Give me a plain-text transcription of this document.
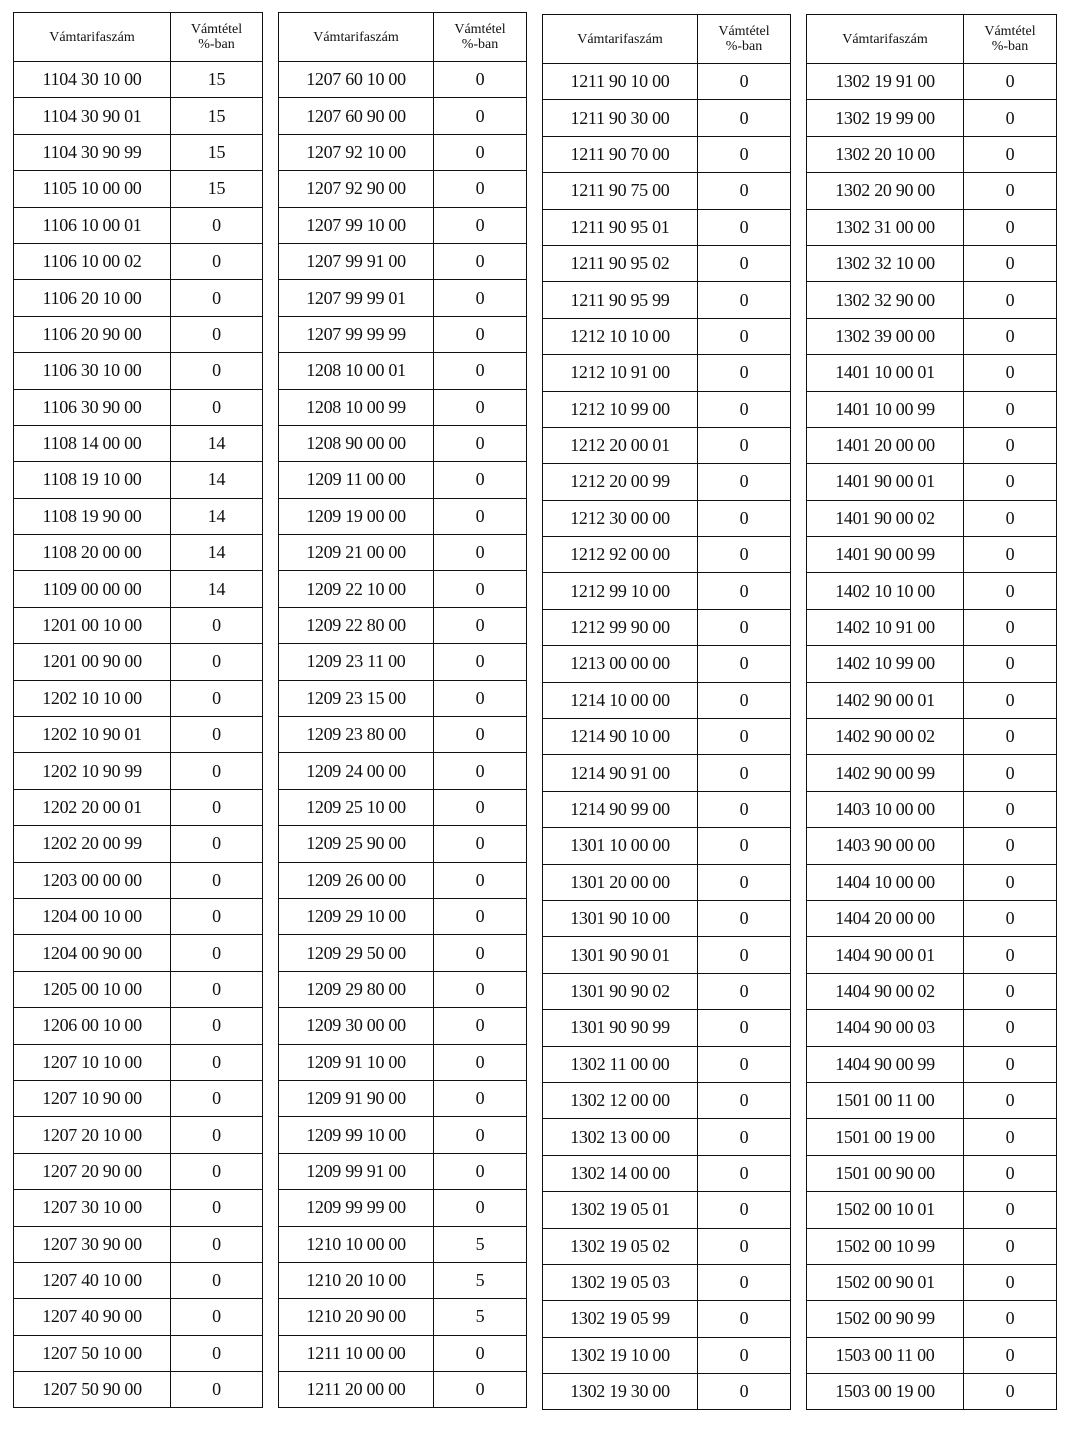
Vámtarifaszám	Vámtétel
%-ban

1104 30 10 00	15
1104 30 90 01	15
1104 30 90 99	15
1105 10 00 00	15
1106 10 00 01	0
1106 10 00 02	0
1106 20 10 00	0
1106 20 90 00	0
1106 30 10 00	0
1106 30 90 00	0
1108 14 00 00	14
1108 19 10 00	14
1108 19 90 00	14
1108 20 00 00	14
1109 00 00 00	14
1201 00 10 00	0
1201 00 90 00	0
1202 10 10 00	0
1202 10 90 01	0
1202 10 90 99	0
1202 20 00 01	0
1202 20 00 99	0
1203 00 00 00	0
1204 00 10 00	0
1204 00 90 00	0
1205 00 10 00	0
1206 00 10 00	0
1207 10 10 00	0
1207 10 90 00	0
1207 20 10 00	0
1207 20 90 00	0
1207 30 10 00	0
1207 30 90 00	0
1207 40 10 00	0
1207 40 90 00	0
1207 50 10 00	0
1207 50 90 00	0
Vámtarifaszám	Vámtétel
%-ban

1207 60 10 00	0
1207 60 90 00	0
1207 92 10 00	0
1207 92 90 00	0
1207 99 10 00	0
1207 99 91 00	0
1207 99 99 01	0
1207 99 99 99	0
1208 10 00 01	0
1208 10 00 99	0
1208 90 00 00	0
1209 11 00 00	0
1209 19 00 00	0
1209 21 00 00	0
1209 22 10 00	0
1209 22 80 00	0
1209 23 11 00	0
1209 23 15 00	0
1209 23 80 00	0
1209 24 00 00	0
1209 25 10 00	0
1209 25 90 00	0
1209 26 00 00	0
1209 29 10 00	0
1209 29 50 00	0
1209 29 80 00	0
1209 30 00 00	0
1209 91 10 00	0
1209 91 90 00	0
1209 99 10 00	0
1209 99 91 00	0
1209 99 99 00	0
1210 10 00 00	5
1210 20 10 00	5
1210 20 90 00	5
1211 10 00 00	0
1211 20 00 00	0
Vámtarifaszám	Vámtétel
%-ban

1211 90 10 00	0
1211 90 30 00	0
1211 90 70 00	0
1211 90 75 00	0
1211 90 95 01	0
1211 90 95 02	0
1211 90 95 99	0
1212 10 10 00	0
1212 10 91 00	0
1212 10 99 00	0
1212 20 00 01	0
1212 20 00 99	0
1212 30 00 00	0
1212 92 00 00	0
1212 99 10 00	0
1212 99 90 00	0
1213 00 00 00	0
1214 10 00 00	0
1214 90 10 00	0
1214 90 91 00	0
1214 90 99 00	0
1301 10 00 00	0
1301 20 00 00	0
1301 90 10 00	0
1301 90 90 01	0
1301 90 90 02	0
1301 90 90 99	0
1302 11 00 00	0
1302 12 00 00	0
1302 13 00 00	0
1302 14 00 00	0
1302 19 05 01	0
1302 19 05 02	0
1302 19 05 03	0
1302 19 05 99	0
1302 19 10 00	0
1302 19 30 00	0
Vámtarifaszám	Vámtétel
%-ban

1302 19 91 00	0
1302 19 99 00	0
1302 20 10 00	0
1302 20 90 00	0
1302 31 00 00	0
1302 32 10 00	0
1302 32 90 00	0
1302 39 00 00	0
1401 10 00 01	0
1401 10 00 99	0
1401 20 00 00	0
1401 90 00 01	0
1401 90 00 02	0
1401 90 00 99	0
1402 10 10 00	0
1402 10 91 00	0
1402 10 99 00	0
1402 90 00 01	0
1402 90 00 02	0
1402 90 00 99	0
1403 10 00 00	0
1403 90 00 00	0
1404 10 00 00	0
1404 20 00 00	0
1404 90 00 01	0
1404 90 00 02	0
1404 90 00 03	0
1404 90 00 99	0
1501 00 11 00	0
1501 00 19 00	0
1501 00 90 00	0
1502 00 10 01	0
1502 00 10 99	0
1502 00 90 01	0
1502 00 90 99	0
1503 00 11 00	0
1503 00 19 00	0
